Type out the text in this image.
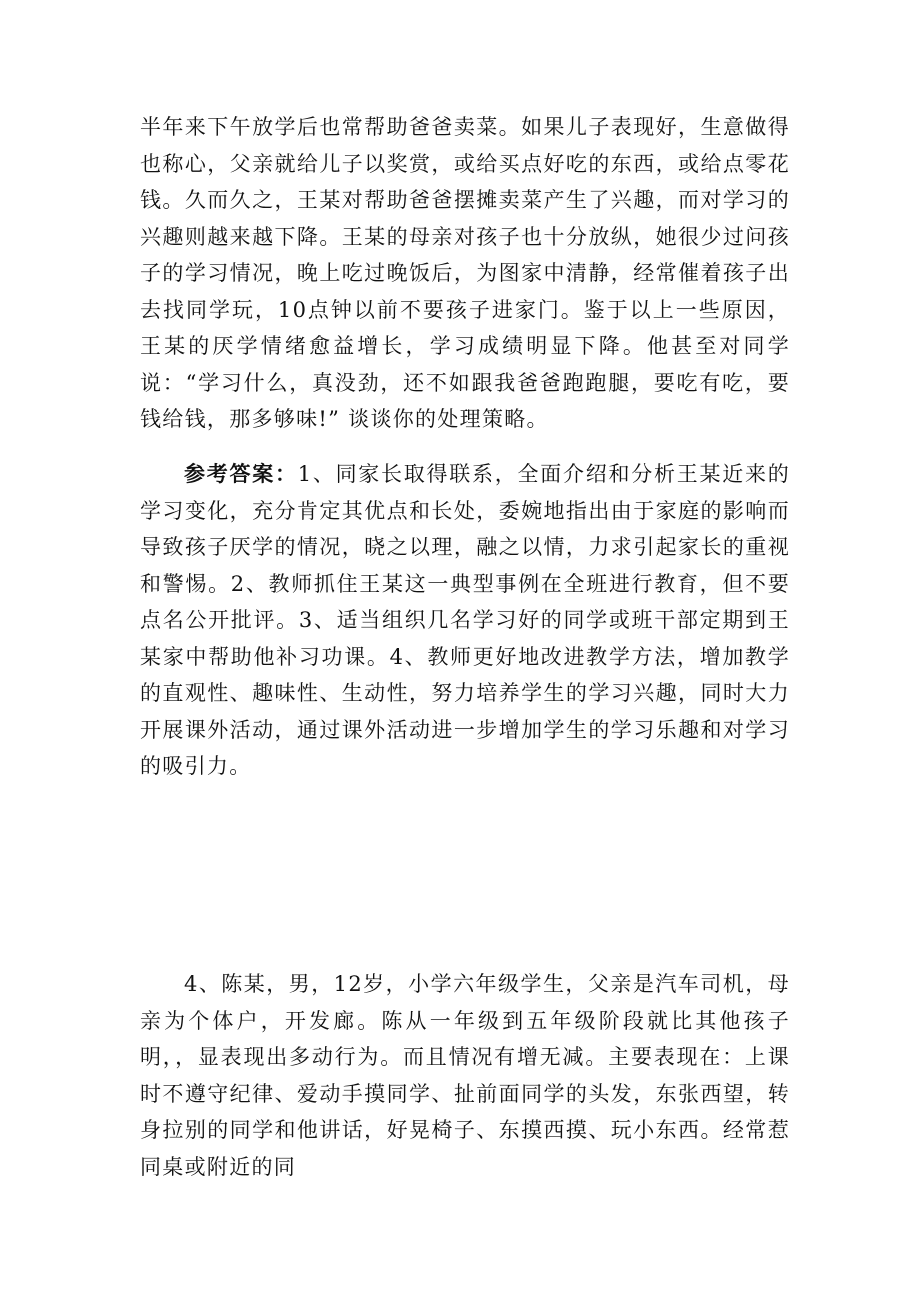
半年来下午放学后也常帮助爸爸卖菜。如果儿子表现好，生意做得也称心，父亲就给儿子以奖赏，或给买点好吃的东西，或给点零花钱。久而久之，王某对帮助爸爸摆摊卖菜产生了兴趣，而对学习的兴趣则越来越下降。王某的母亲对孩子也十分放纵，她很少过问孩子的学习情况，晚上吃过晚饭后，为图家中清静，经常催着孩子出去找同学玩，10点钟以前不要孩子进家门。鉴于以上一些原因，王某的厌学情绪愈益增长，学习成绩明显下降。他甚至对同学说：“学习什么，真没劲，还不如跟我爸爸跑跑腿，要吃有吃，要钱给钱，那多够味!” 谈谈你的处理策略。

参考答案：1、同家长取得联系，全面介绍和分析王某近来的学习变化，充分肯定其优点和长处，委婉地指出由于家庭的影响而导致孩子厌学的情况，晓之以理，融之以情，力求引起家长的重视和警惕。2、教师抓住王某这一典型事例在全班进行教育，但不要点名公开批评。3、适当组织几名学习好的同学或班干部定期到王某家中帮助他补习功课。4、教师更好地改进教学方法，增加教学的直观性、趣味性、生动性，努力培养学生的学习兴趣，同时大力开展课外活动，通过课外活动进一步增加学生的学习乐趣和对学习的吸引力。

4、陈某，男，12岁，小学六年级学生，父亲是汽车司机，母亲为个体户，开发廊。陈从一年级到五年级阶段就比其他孩子明，，显表现出多动行为。而且情况有增无减。主要表现在：上课时不遵守纪律、爱动手摸同学、扯前面同学的头发，东张西望，转身拉别的同学和他讲话，好晃椅子、东摸西摸、玩小东西。经常惹同桌或附近的同
